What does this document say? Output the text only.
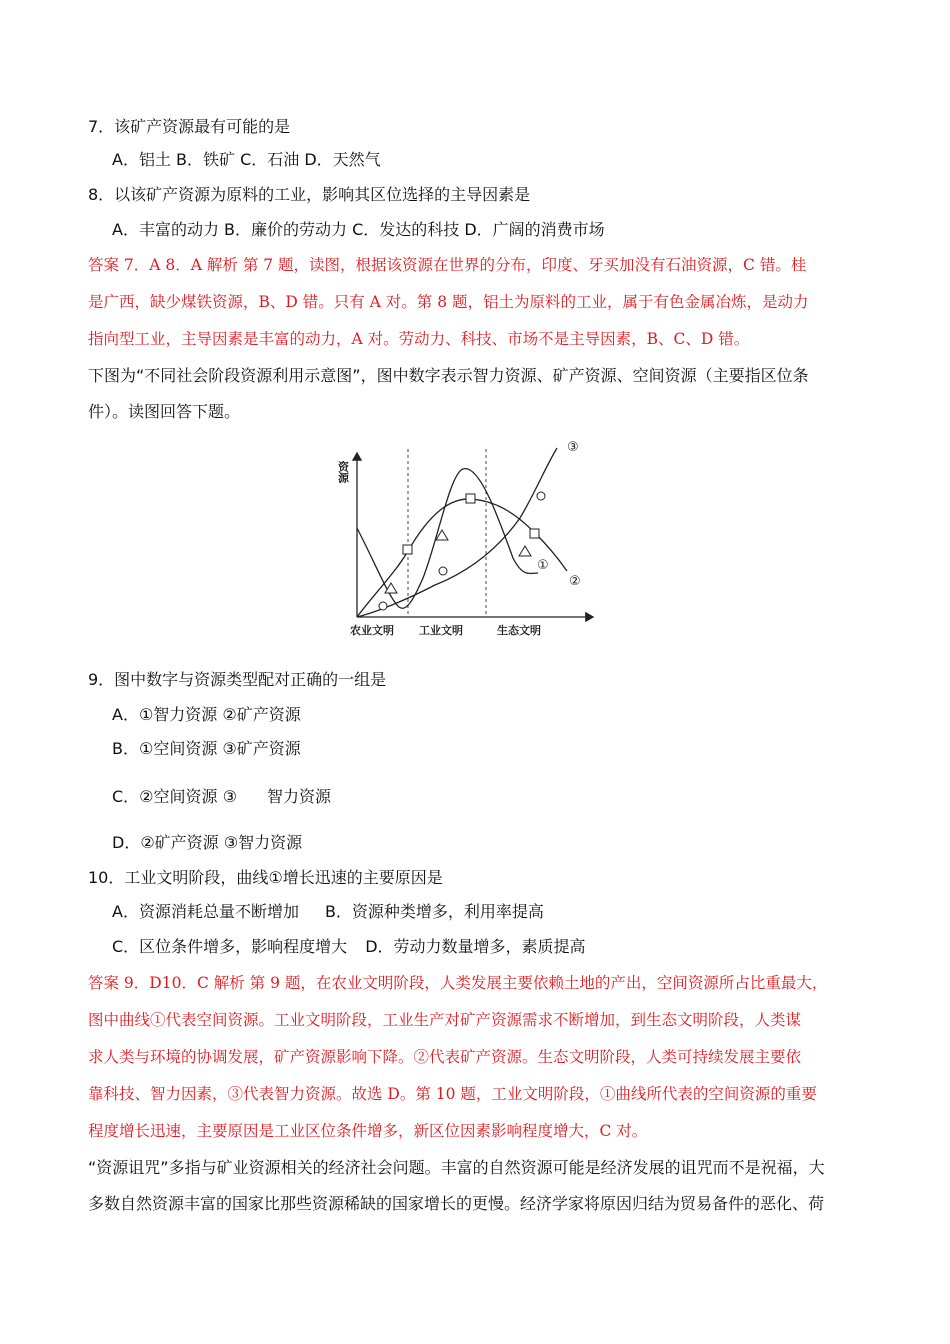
7．该矿产资源最有可能的是
A．铝土 B．铁矿 C．石油 D．天然气
8．以该矿产资源为原料的工业，影响其区位选择的主导因素是
A．丰富的动力 B．廉价的劳动力 C．发达的科技 D．广阔的消费市场
答案 7．A 8．A 解析 第 7 题，读图，根据该资源在世界的分布，印度、牙买加没有石油资源，C 错。桂
是广西，缺少煤铁资源，B、D 错。只有 A 对。第 8 题，铝土为原料的工业，属于有色金属冶炼，是动力
指向型工业，主导因素是丰富的动力，A 对。劳动力、科技、市场不是主导因素，B、C、D 错。
下图为“不同社会阶段资源利用示意图”，图中数字表示智力资源、矿产资源、空间资源（主要指区位条
件）。读图回答下题。
资源
农业文明 工业文明	生态文明
①
②
③
9．图中数字与资源类型配对正确的一组是
A．①智力资源 ②矿产资源
B．①空间资源 ③矿产资源
C．②空间资源 ③ 智力资源
D．②矿产资源 ③智力资源
10．工业文明阶段，曲线①增长迅速的主要原因是
A．资源消耗总量不断增加 B．资源种类增多，利用率提高
C．区位条件增多，影响程度增大 D．劳动力数量增多，素质提高
答案 9．D10．C 解析 第 9 题，在农业文明阶段，人类发展主要依赖土地的产出，空间资源所占比重最大，
图中曲线①代表空间资源。工业文明阶段，工业生产对矿产资源需求不断增加，到生态文明阶段，人类谋
求人类与环境的协调发展，矿产资源影响下降。②代表矿产资源。生态文明阶段，人类可持续发展主要依
靠科技、智力因素，③代表智力资源。故选 D。第 10 题，工业文明阶段，①曲线所代表的空间资源的重要
程度增长迅速，主要原因是工业区位条件增多，新区位因素影响程度增大，C 对。
“资源诅咒”多指与矿业资源相关的经济社会问题。丰富的自然资源可能是经济发展的诅咒而不是祝福，大
多数自然资源丰富的国家比那些资源稀缺的国家增长的更慢。经济学家将原因归结为贸易备件的恶化、荷
